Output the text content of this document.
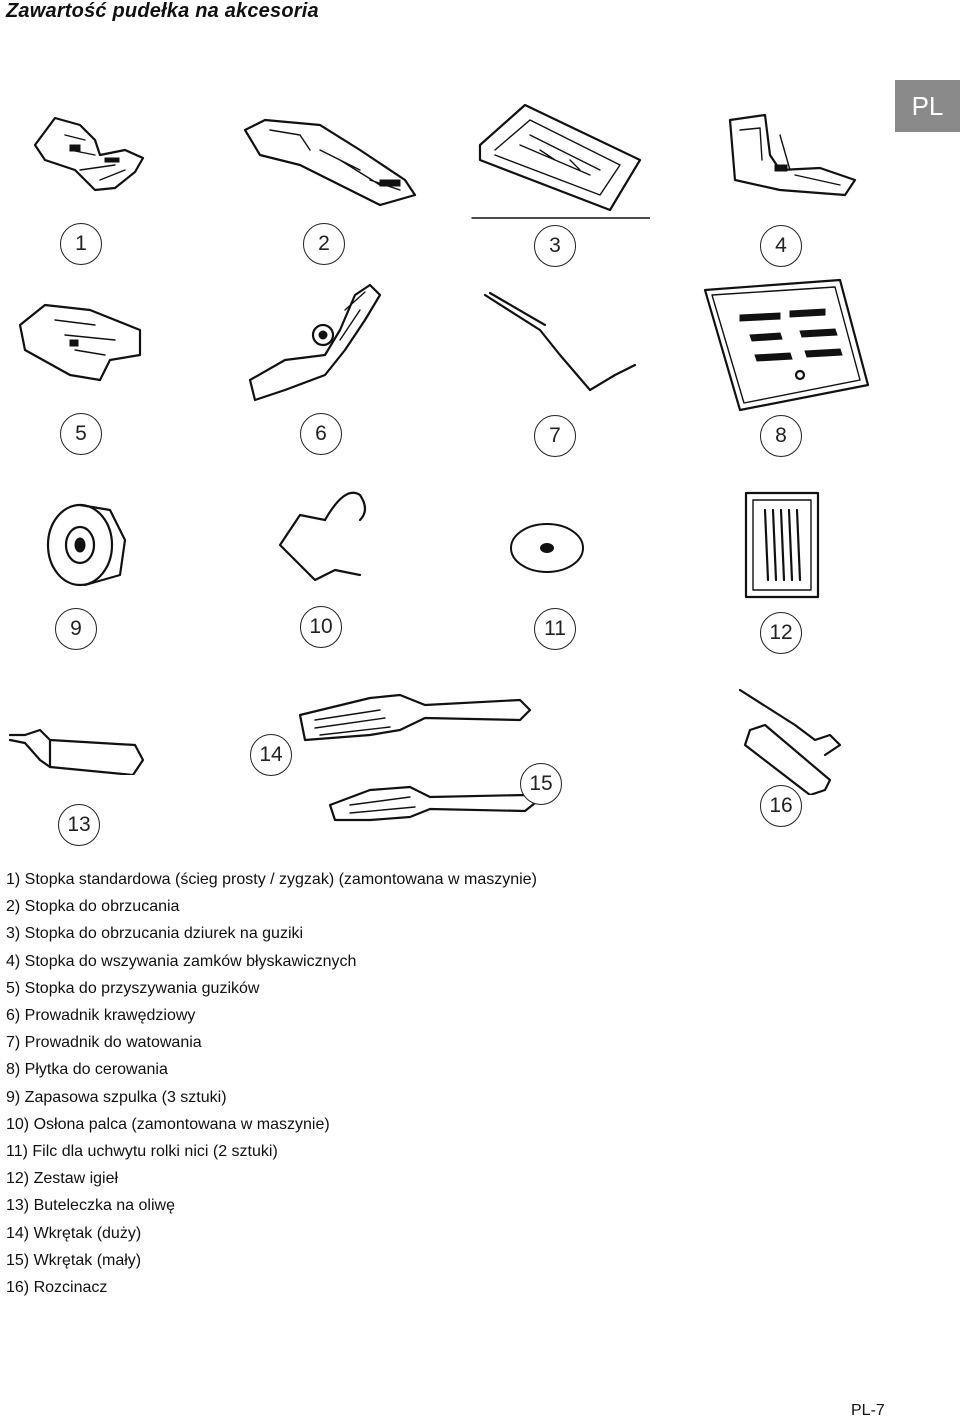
Zawartość pudełka na akcesoria
PL
1	2	3	4
5	6	7	8
9	10	11	12
13
14
15
16
1) Stopka standardowa (ścieg prosty / zygzak) (zamontowana w maszynie)
2) Stopka do obrzucania
3) Stopka do obrzucania dziurek na guziki
4) Stopka do wszywania zamków błyskawicznych
5) Stopka do przyszywania guzików
6) Prowadnik krawędziowy
7) Prowadnik do watowania
8) Płytka do cerowania
9) Zapasowa szpulka (3 sztuki)
10) Osłona palca (zamontowana w maszynie)
11) Filc dla uchwytu rolki nici (2 sztuki)
12) Zestaw igieł
13) Buteleczka na oliwę
14) Wkrętak (duży)
15) Wkrętak (mały)
16) Rozcinacz
PL-7
